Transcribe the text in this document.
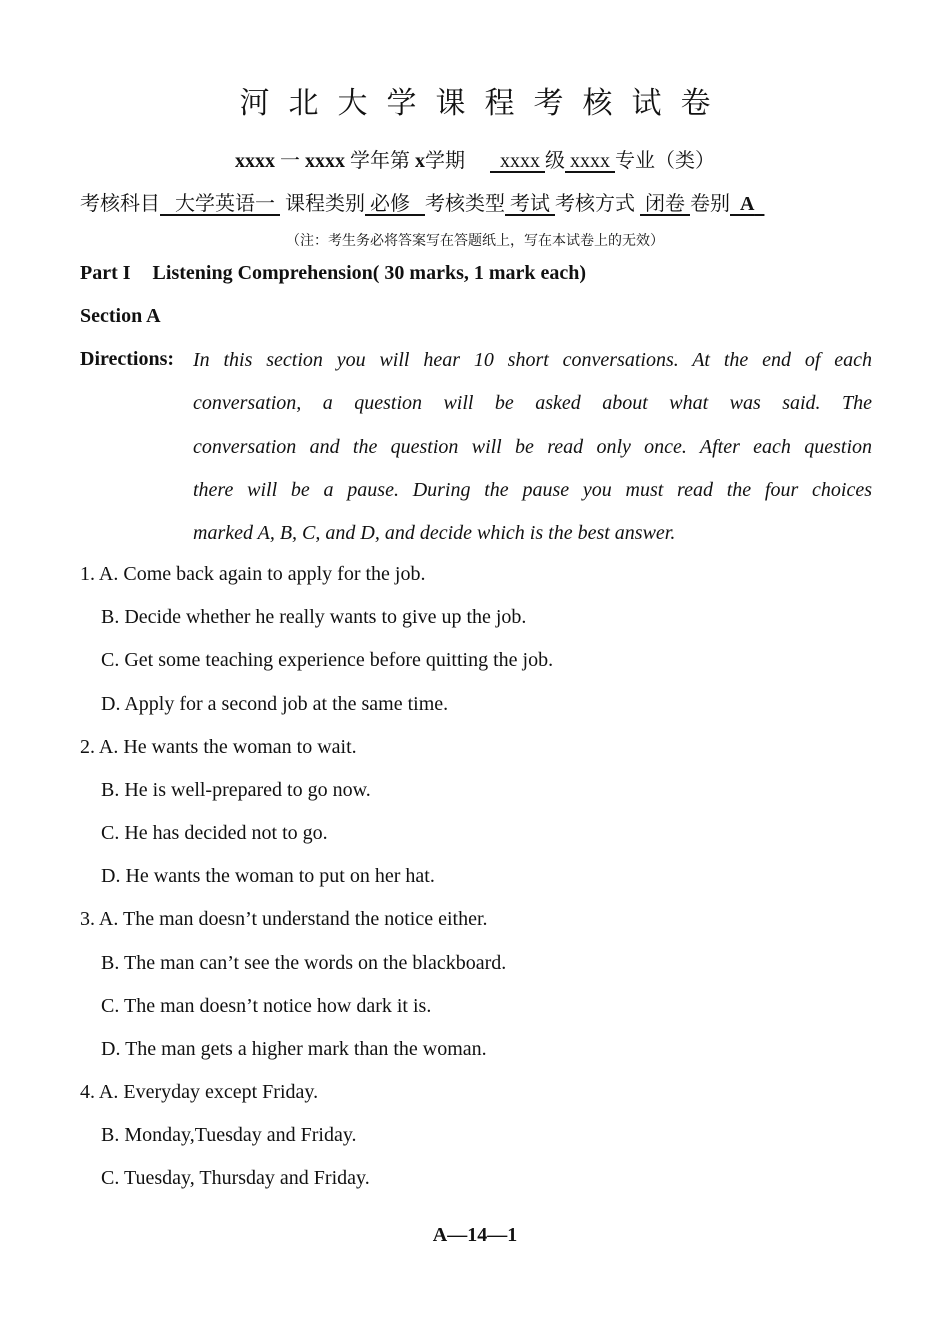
河北大学课程考核试卷
xxxx 一 xxxx 学年第 x学期 xxxx 级 xxxx 专业（类）
考核科目 大学英语一 课程类别 必修 考核类型 考试 考核方式 闭卷 卷别 A
（注：考生务必将答案写在答题纸上，写在本试卷上的无效）
Part I Listening Comprehension( 30 marks, 1 mark each)
Section A
Directions: In this section you will hear 10 short conversations. At the end of each
conversation, a question will be asked about what was said. The
conversation and the question will be read only once. After each question
there will be a pause. During the pause you must read the four choices
marked A, B, C, and D, and decide which is the best answer.
1. A. Come back again to apply for the job.
B. Decide whether he really wants to give up the job.
C. Get some teaching experience before quitting the job.
D. Apply for a second job at the same time.
2. A. He wants the woman to wait.
B. He is well-prepared to go now.
C. He has decided not to go.
D. He wants the woman to put on her hat.
3. A. The man doesn’t understand the notice either.
B. The man can’t see the words on the blackboard.
C. The man doesn’t notice how dark it is.
D. The man gets a higher mark than the woman.
4. A. Everyday except Friday.
B. Monday,Tuesday and Friday.
C. Tuesday, Thursday and Friday.
A—14—1
